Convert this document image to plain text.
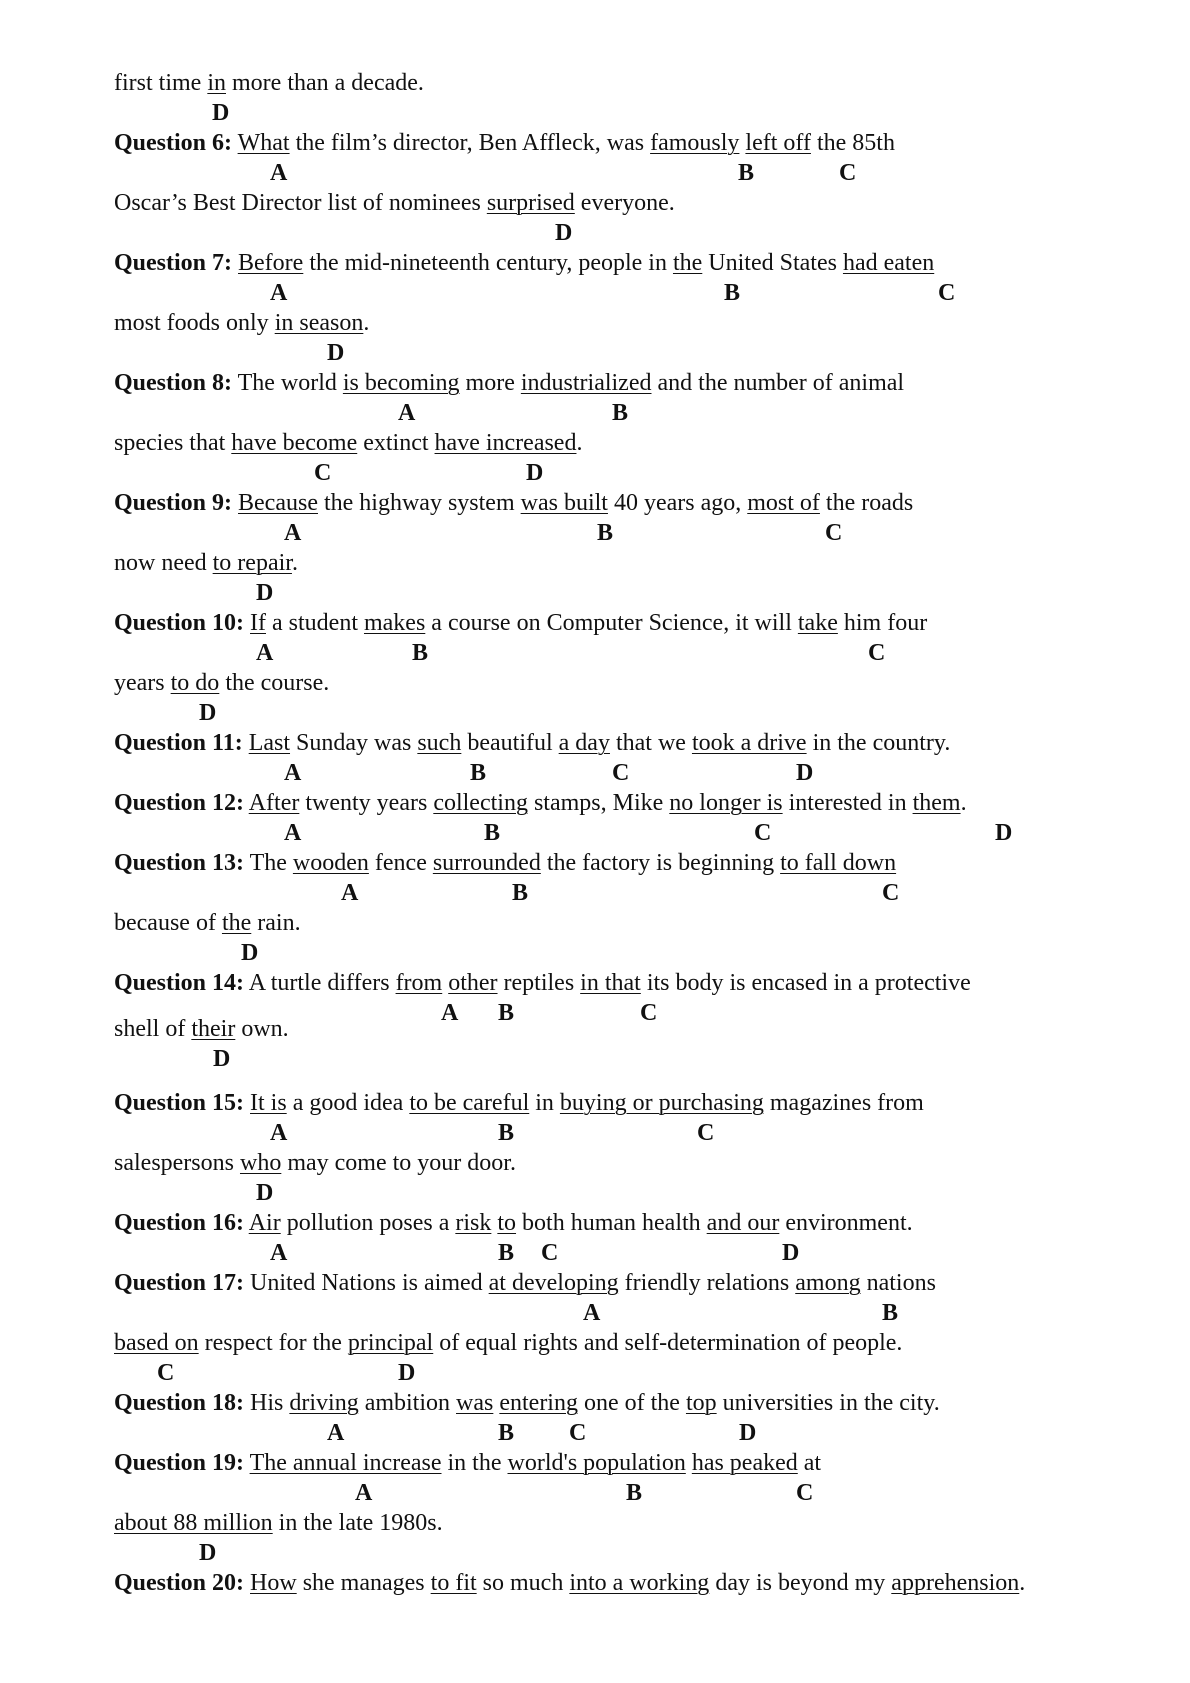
first time in more than a decade.
D
Question 6: What the film’s director, Ben Affleck, was famously left off the 85th
A	B	C
Oscar’s Best Director list of nominees surprised everyone.
D
Question 7: Before the mid-nineteenth century, people in the United States had eaten
A	B	C
most foods only in season.
D
Question 8: The world is becoming more industrialized and the number of animal
A	B
species that have become extinct have increased.
C	D
Question 9: Because the highway system was built 40 years ago, most of the roads
A	B	C
now need to repair.
D
Question 10: If a student makes a course on Computer Science, it will take him four
A	B	C
years to do the course.
D
Question 11: Last Sunday was such beautiful a day that we took a drive in the country.
A	B	C
Question 12: After twenty years collecting stamps, Mike no longer is interested in them.
A	B	C	D
Question 13: The wooden fence surrounded the factory is beginning to fall down
A	B	C
because of the rain.
D
Question 14: A turtle differs from other reptiles in that its body is encased in a protective
A B	C
shell of their own.
D
Question 15: It is a good idea to be careful in buying or purchasing magazines from
A	B	C
salespersons who may come to your door.
D
Question 16: Air pollution poses a risk to both human health and our environment.
A	B C	D
Question 17: United Nations is aimed at developing friendly relations among nations
A	B
based on respect for the principal of equal rights and self-determination of people.
C	D
Question 18: His driving ambition was entering one of the top universities in the city.
A	B C	D
Question 19: The annual increase in the world's population has peaked at
A	B	C
about 88 million in the late 1980s.
D
Question 20: How she manages to fit so much into a working day is beyond my apprehension.
D
